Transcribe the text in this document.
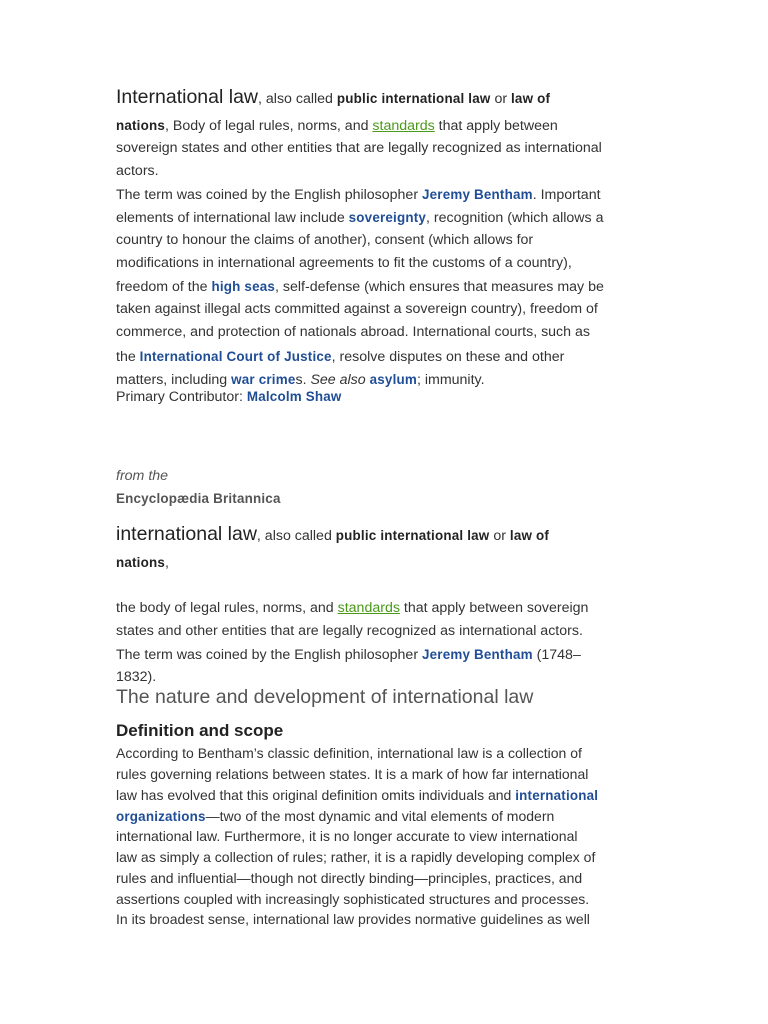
International law, also called public international law or law of
nations, Body of legal rules, norms, and standards that apply between
sovereign states and other entities that are legally recognized as international
actors.
The term was coined by the English philosopher Jeremy Bentham. Important
elements of international law include sovereignty, recognition (which allows a
country to honour the claims of another), consent (which allows for
modifications in international agreements to fit the customs of a country),
freedom of the high seas, self-defense (which ensures that measures may be
taken against illegal acts committed against a sovereign country), freedom of
commerce, and protection of nationals abroad. International courts, such as
the International Court of Justice, resolve disputes on these and other
matters, including war crimes. See also asylum; immunity.
Primary Contributor: Malcolm Shaw
from the
Encyclopædia Britannica
international law, also called public international law or law of
nations,
the body of legal rules, norms, and standards that apply between sovereign
states and other entities that are legally recognized as international actors.
The term was coined by the English philosopher Jeremy Bentham (1748–
1832).
The nature and development of international law
Definition and scope
According to Bentham’s classic definition, international law is a collection of
rules governing relations between states. It is a mark of how far international
law has evolved that this original definition omits individuals and international
organizations—two of the most dynamic and vital elements of modern
international law. Furthermore, it is no longer accurate to view international
law as simply a collection of rules; rather, it is a rapidly developing complex of
rules and influential—though not directly binding—principles, practices, and
assertions coupled with increasingly sophisticated structures and processes.
In its broadest sense, international law provides normative guidelines as well
